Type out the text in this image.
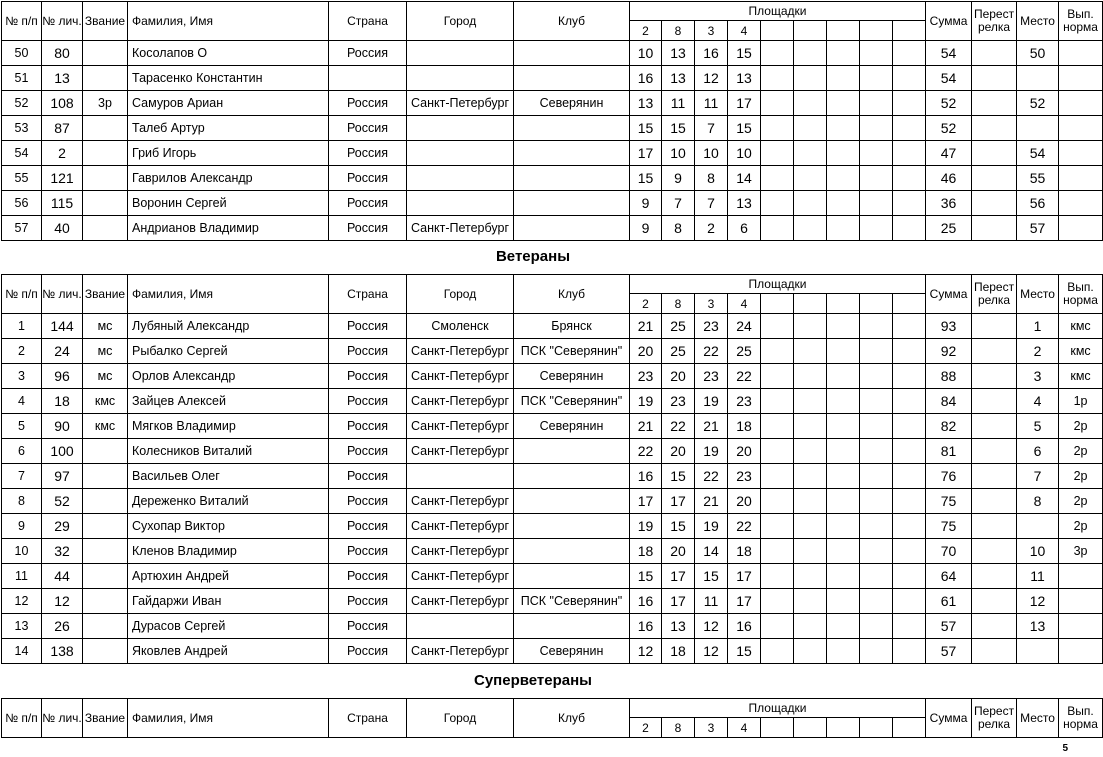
№ п/п	№ лич.	Звание	Фамилия, Имя	Страна	Город	Клуб	Площадки									Сумма	Перест релка	Место	Вып. норма

							2	8	3	4									
50	80		Косолапов О	Россия			10	13	16	15						54		50	
51	13		Тарасенко Константин				16	13	12	13						54			
52	108	3р	Самуров Ариан	Россия	Санкт-Петербург	Северянин	13	11	11	17						52		52	
53	87		Талеб Артур	Россия			15	15	7	15						52			
54	2		Гриб Игорь	Россия			17	10	10	10						47		54	
55	121		Гаврилов Александр	Россия			15	9	8	14						46		55	
56	115		Воронин Сергей	Россия			9	7	7	13						36		56	
57	40		Андрианов Владимир	Россия	Санкт-Петербург		9	8	2	6						25		57	
Ветераны
№ п/п	№ лич.	Звание	Фамилия, Имя	Страна	Город	Клуб	Площадки									Сумма	Перест релка	Место	Вып. норма

							2	8	3	4									
1	144	мс	Лубяный Александр	Россия	Смоленск	Брянск	21	25	23	24						93		1	кмс
2	24	мс	Рыбалко Сергей	Россия	Санкт-Петербург	ПСК "Северянин"	20	25	22	25						92		2	кмс
3	96	мс	Орлов Александр	Россия	Санкт-Петербург	Северянин	23	20	23	22						88		3	кмс
4	18	кмс	Зайцев Алексей	Россия	Санкт-Петербург	ПСК "Северянин"	19	23	19	23						84		4	1р
5	90	кмс	Мягков Владимир	Россия	Санкт-Петербург	Северянин	21	22	21	18						82		5	2р
6	100		Колесников Виталий	Россия	Санкт-Петербург		22	20	19	20						81		6	2р
7	97		Васильев Олег	Россия			16	15	22	23						76		7	2р
8	52		Дереженко Виталий	Россия	Санкт-Петербург		17	17	21	20						75		8	2р
9	29		Сухопар Виктор	Россия	Санкт-Петербург		19	15	19	22						75			2р
10	32		Кленов Владимир	Россия	Санкт-Петербург		18	20	14	18						70		10	3р
11	44		Артюхин Андрей	Россия	Санкт-Петербург		15	17	15	17						64		11	
12	12		Гайдаржи Иван	Россия	Санкт-Петербург	ПСК "Северянин"	16	17	11	17						61		12	
13	26		Дурасов Сергей	Россия			16	13	12	16						57		13	
14	138		Яковлев Андрей	Россия	Санкт-Петербург	Северянин	12	18	12	15						57			
Суперветераны
№ п/п	№ лич.	Звание	Фамилия, Имя	Страна	Город	Клуб	Площадки									Сумма	Перест релка	Место	Вып. норма

							2	8	3	4									
5
